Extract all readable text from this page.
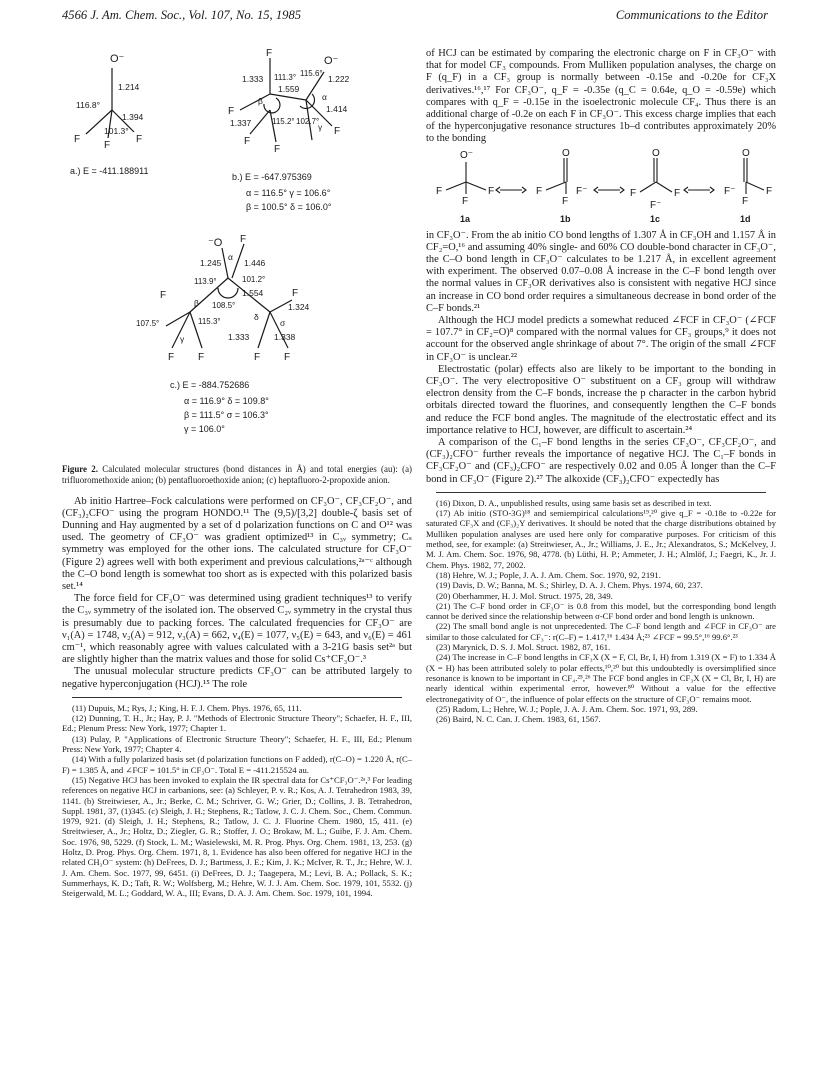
4566 J. Am. Chem. Soc., Vol. 107, No. 15, 1985	Communications to the Editor
O⁻
1.214
116.8°
1.394
F
101.3°
F
F
a.) E = -411.188911
F
O⁻
1.333 111.3° 115.6°
1.222
1.559
β	α
1.414
F
1.337	115.2° 102.7°
γ F
F
F
b.) E = -647.975369
α = 116.5° γ = 106.6°
β = 100.5° δ = 106.0°
⁻O F
α
1.245	1.446
113.9°	101.2°
F	F
1.554
1.324
β 108.5°
δ
σ
107.5°	115.3°
1.333	1.338
γ
F F	F F
c.) E = -884.752686
α = 116.9° δ = 109.8°
β = 111.5° σ = 106.3°
γ = 106.0°

Figure 2. Calculated molecular structures (bond distances in Å) and total energies (au): (a) trifluoromethoxide anion; (b) pentafluoroethoxide anion; (c) heptafluoro-2-propoxide anion.

Ab initio Hartree–Fock calculations were performed on CF₃O⁻, CF₃CF₂O⁻, and (CF₃)₂CFO⁻ using the program HONDO.¹¹ The (9,5)/[3,2] double-ζ basis set of Dunning and Hay augmented by a set of d polarization functions on C and O¹² was used. The geometry of CF₃O⁻ was gradient optimized¹³ in C₃ᵥ symmetry; Cₛ symmetry was employed for the other ions. The calculated structure for CF₃O⁻ (Figure 2) agrees well with both experiment and previous calculations,²ᵃ⁻ᶜ although the C–O bond length is somewhat too short as is expected with this polarized basis set.¹⁴

The force field for CF₃O⁻ was determined using gradient techniques¹³ to verify the C₃ᵥ symmetry of the isolated ion. The observed C₂ᵥ symmetry in the crystal thus is presumably due to packing forces. The calculated frequencies for CF₃O⁻ are ν₁(A) = 1748, ν₂(A) = 912, ν₃(A) = 662, ν₄(E) = 1077, ν₅(E) = 643, and ν₆(E) = 461 cm⁻¹, which reasonably agree with values calculated with a 3-21G basis set²ᵃ but are slightly higher than the matrix values and those for solid Cs⁺CF₃O⁻.³

The unusual molecular structure predicts CF₃O⁻ can be attributed largely to negative hyperconjugation (HCJ).¹⁵ The role

(11) Dupuis, M.; Rys, J.; King, H. F. J. Chem. Phys. 1976, 65, 111.

(12) Dunning, T. H., Jr.; Hay, P. J. "Methods of Electronic Structure Theory"; Schaefer, H. F., III, Ed.; Plenum Press: New York, 1977; Chapter 1.

(13) Pulay, P. "Applications of Electronic Structure Theory"; Schaefer, H. F., III, Ed.; Plenum Press: New York, 1977; Chapter 4.

(14) With a fully polarized basis set (d polarization functions on F added), r(C–O) = 1.220 Å, r(C–F) = 1.385 Å, and ∠FCF = 101.5° in CF₃O⁻. Total E = -411.215524 au.

(15) Negative HCJ has been invoked to explain the IR spectral data for Cs⁺CF₃O⁻.²ᵃ,³ For leading references on negative HCJ in carbanions, see: (a) Schleyer, P. v. R.; Kos, A. J. Tetrahedron 1983, 39, 1141. (b) Streitwieser, A., Jr.; Berke, C. M.; Schriver, G. W.; Grier, D.; Collins, J. B. Tetrahedron, Suppl. 1981, 37, (1)345. (c) Sleigh, J. H.; Stephens, R.; Tatlow, J. C. J. Chem. Soc., Chem. Commun. 1979, 921. (d) Sleigh, J. H.; Stephens, R.; Tatlow, J. C. J. Fluorine Chem. 1980, 15, 411. (e) Streitwieser, A., Jr.; Holtz, D.; Ziegler, G. R.; Stoffer, J. O.; Brokaw, M. L.; Guibe, F. J. Am. Chem. Soc. 1976, 98, 5229. (f) Stock, L. M.; Wasielewski, M. R. Prog. Phys. Org. Chem. 1981, 13, 253. (g) Holtz, D. Prog. Phys. Org. Chem. 1971, 8, 1. Evidence has also been offered for negative HCJ in the related CH₃O⁻ system: (h) DeFrees, D. J.; Bartmess, J. E.; Kim, J. K.; McIver, R. T., Jr.; Hehre, W. J. J. Am. Chem. Soc. 1977, 99, 6451. (i) DeFrees, D. J.; Taagepera, M.; Levi, B. A.; Pollack, S. K.; Summerhays, K. D.; Taft, R. W.; Wolfsberg, M.; Hehre, W. J. J. Am. Chem. Soc. 1979, 101, 5532. (j) Steigerwald, M. L.; Goddard, W. A., III; Evans, D. A. J. Am. Chem. Soc. 1979, 101, 1994.

of HCJ can be estimated by comparing the electronic charge on F in CF₃O⁻ with that for model CF₃ compounds. From Mulliken population analyses, the charge on F (q_F) in a CF₃ group is normally between -0.15e and -0.20e for CF₃X derivatives.¹⁶,¹⁷ For CF₃O⁻, q_F = -0.35e (q_C = 0.64e, q_O = -0.59e) which compares with q_F = -0.15e in the isoelectronic molecule CF₄. Thus there is an additional charge of -0.2e on each F in CF₃O⁻. This excess charge implies that each of the hyperconjugative resonance structures 1b–d contributes approximately 20% to the bonding

O⁻
F	F
F
O
F
F
F⁻
O
F	F
F⁻
O
F⁻	F
F
1a	1b	1c	1d

in CF₃O⁻. From the ab initio CO bond lengths of 1.307 Å in CF₃OH and 1.157 Å in CF₂=O,¹⁶ and assuming 40% single- and 60% CO double-bond character in CF₃O⁻, the C–O bond length in CF₃O⁻ calculates to be 1.217 Å, in excellent agreement with experiment. The observed 0.07–0.08 Å increase in the C–F bond length over the normal values in CF₃OR derivatives also is consistent with negative HCJ since an increase in CO bond order requires a simultaneous decrease in bond order of the C–F bonds.²¹

Although the HCJ model predicts a somewhat reduced ∠FCF in CF₃O⁻ (∠FCF = 107.7° in CF₂=O)⁸ compared with the normal values for CF₃ groups,⁹ it does not account for the observed angle shrinkage of about 7°. The origin of the small ∠FCF in CF₃O⁻ is unclear.²²

Electrostatic (polar) effects also are likely to be important to the bonding in CF₃O⁻. The very electropositive O⁻ substituent on a CF₃ group will withdraw electron density from the C–F bonds, increase the p character in the carbon hybrid orbitals directed toward the fluorines, and consequently lengthen the C–F bonds and reduce the FCF bond angles. The magnitude of the electrostatic effect and its importance relative to HCJ, however, are difficult to ascertain.²⁴

A comparison of the C₁–F bond lengths in the series CF₃O⁻, CF₃CF₂O⁻, and (CF₃)₂CFO⁻ further reveals the importance of negative HCJ. The C₁–F bonds in CF₃CF₂O⁻ and (CF₃)₂CFO⁻ are respectively 0.02 and 0.05 Å longer than the C–F bond in CF₃O⁻ (Figure 2).²⁷ The alkoxide (CF₃)₂CFO⁻ expectedly has

(16) Dixon, D. A., unpublished results, using same basis set as described in text.

(17) Ab initio (STO-3G)¹⁸ and semiempirical calculations¹⁹,²⁰ give q_F = -0.18e to -0.22e for saturated CF₃X and (CF₃)₂Y derivatives. It should be noted that the charge distributions obtained by Mulliken population analyses are used here only for comparative purposes. For criticism of this method, see, for example: (a) Streitwieser, A., Jr.; Williams, J. E., Jr.; Alexandratos, S.; McKelvey, J. M. J. Am. Chem. Soc. 1976, 98, 4778. (b) Lüthi, H. P.; Ammeter, J. H.; Almlöf, J.; Faegri, K., Jr. J. Chem. Phys. 1982, 77, 2002.

(18) Hehre, W. J.; Pople, J. A. J. Am. Chem. Soc. 1970, 92, 2191.

(19) Davis, D. W.; Banna, M. S.; Shirley, D. A. J. Chem. Phys. 1974, 60, 237.

(20) Oberhammer, H. J. Mol. Struct. 1975, 28, 349.

(21) The C–F bond order in CF₃O⁻ is 0.8 from this model, but the corresponding bond length cannot be derived since the relationship between σ-CF bond order and bond length is unknown.

(22) The small bond angle is not unprecedented. The C–F bond length and ∠FCF in CF₃O⁻ are similar to those calculated for CF₃⁻: r(C–F) = 1.417,¹⁶ 1.434 Å;²³ ∠FCF = 99.5°,¹⁶ 99.6°.²³

(23) Marynick, D. S. J. Mol. Struct. 1982, 87, 161.

(24) The increase in C–F bond lengths in CF₃X (X = F, Cl, Br, I, H) from 1.319 (X = F) to 1.334 Å (X = H) has been attributed solely to polar effects,¹⁰,²⁰ but this undoubtedly is oversimplified since resonance is known to be important in CF₄.²⁵,²⁶ The FCF bond angles in CF₃X (X = Cl, Br, I, H) are nearly identical within experimental error, however.⁸⁰ Without a value for the effective electronegativity of O⁻, the influence of polar effects on the structure of CF₃O⁻ remains moot.

(25) Radom, L.; Hehre, W. J.; Pople, J. A. J. Am. Chem. Soc. 1971, 93, 289.

(26) Baird, N. C. Can. J. Chem. 1983, 61, 1567.
